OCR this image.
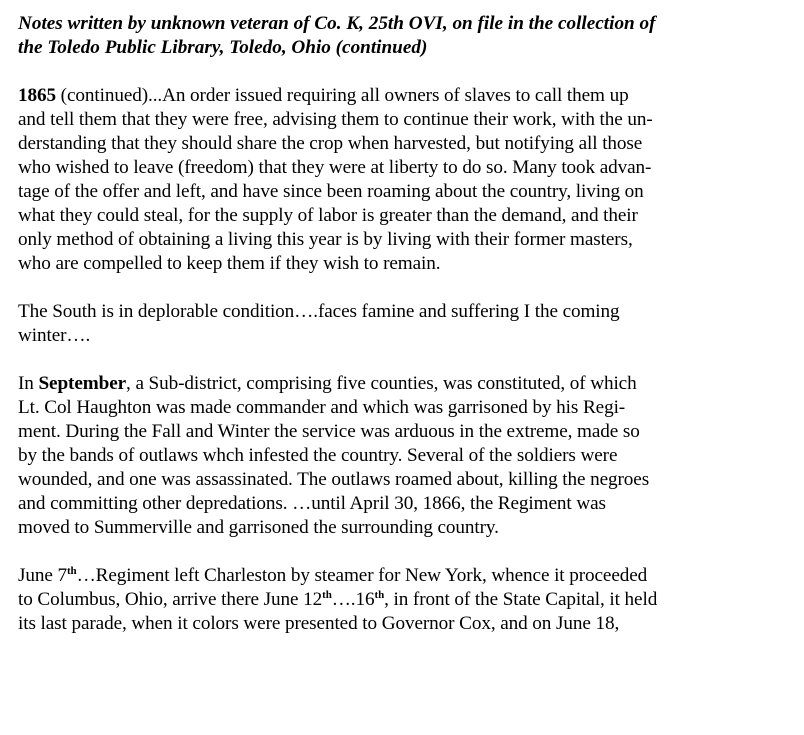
Notes written by unknown veteran of Co. K, 25th OVI, on file in the collection of
the Toledo Public Library, Toledo, Ohio (continued)

1865 (continued)...An order issued requiring all owners of slaves to call them up
and tell them that they were free, advising them to continue their work, with the un-
derstanding that they should share the crop when harvested, but notifying all those
who wished to leave (freedom) that they were at liberty to do so. Many took advan-
tage of the offer and left, and have since been roaming about the country, living on
what they could steal, for the supply of labor is greater than the demand, and their
only method of obtaining a living this year is by living with their former masters,
who are compelled to keep them if they wish to remain.

The South is in deplorable condition….faces famine and suffering I the coming
winter….

In September, a Sub-district, comprising five counties, was constituted, of which
Lt. Col Haughton was made commander and which was garrisoned by his Regi-
ment. During the Fall and Winter the service was arduous in the extreme, made so
by the bands of outlaws whch infested the country. Several of the soldiers were
wounded, and one was assassinated. The outlaws roamed about, killing the negroes
and committing other depredations. …until April 30, 1866, the Regiment was
moved to Summerville and garrisoned the surrounding country.

June 7th…Regiment left Charleston by steamer for New York, whence it proceeded
to Columbus, Ohio, arrive there June 12th….16th, in front of the State Capital, it held
its last parade, when it colors were presented to Governor Cox, and on June 18,
